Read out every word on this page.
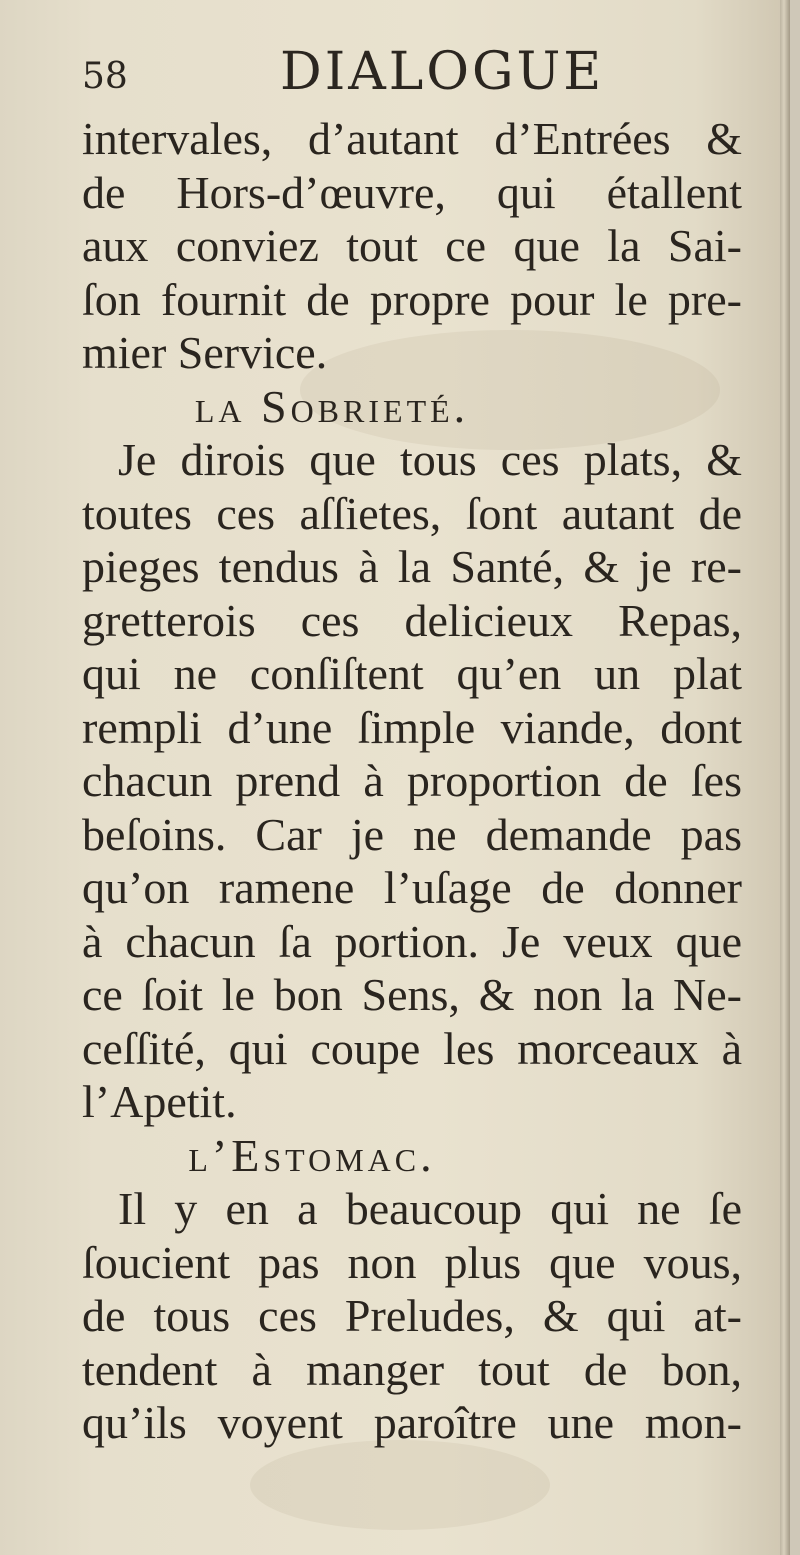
58	DIALOGUE
intervales, d’autant d’Entrées &
de Hors-d’œuvre, qui étallent
aux conviez tout ce que la Sai-
ſon fournit de propre pour le pre-
mier Service.
la Sobrieté.
Je dirois que tous ces plats, &
toutes ces aſſietes, ſont autant de
pieges tendus à la Santé, & je re-
gretterois ces delicieux Repas,
qui ne conſiſtent qu’en un plat
rempli d’une ſimple viande, dont
chacun prend à proportion de ſes
beſoins. Car je ne demande pas
qu’on ramene l’uſage de donner
à chacun ſa portion. Je veux que
ce ſoit le bon Sens, & non la Ne-
ceſſité, qui coupe les morceaux à
l’Apetit.
l’Estomac.
Il y en a beaucoup qui ne ſe
ſoucient pas non plus que vous,
de tous ces Preludes, & qui at-
tendent à manger tout de bon,
qu’ils voyent paroître une mon-
